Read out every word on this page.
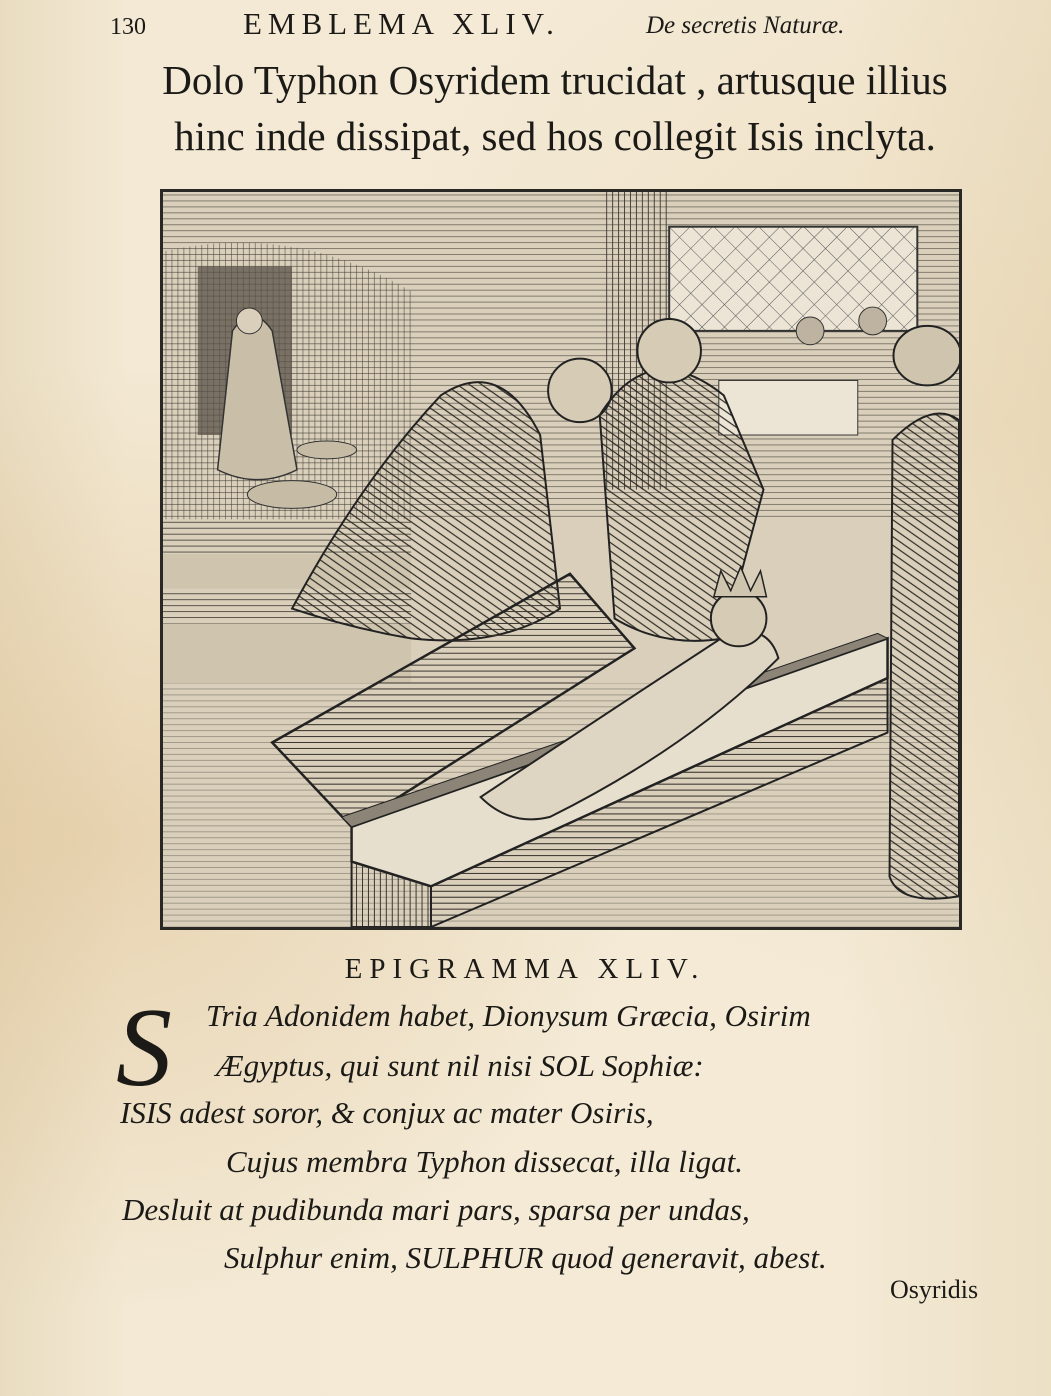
130	EMBLEMA XLIV.	De secretis Naturæ.
Dolo Typhon Osyridem trucidat , artusque illius
hinc inde dissipat, sed hos collegit Isis inclyta.
EPIGRAMMA XLIV.
S Tria Adonidem habet, Dionysum Græcia, Osirim
Ægyptus, qui sunt nil nisi SOL Sophiæ:
ISIS adest soror, & conjux ac mater Osiris,
Cujus membra Typhon dissecat, illa ligat.
Desluit at pudibunda mari pars, sparsa per undas,
Sulphur enim, SULPHUR quod generavit, abest.
Osyridis
